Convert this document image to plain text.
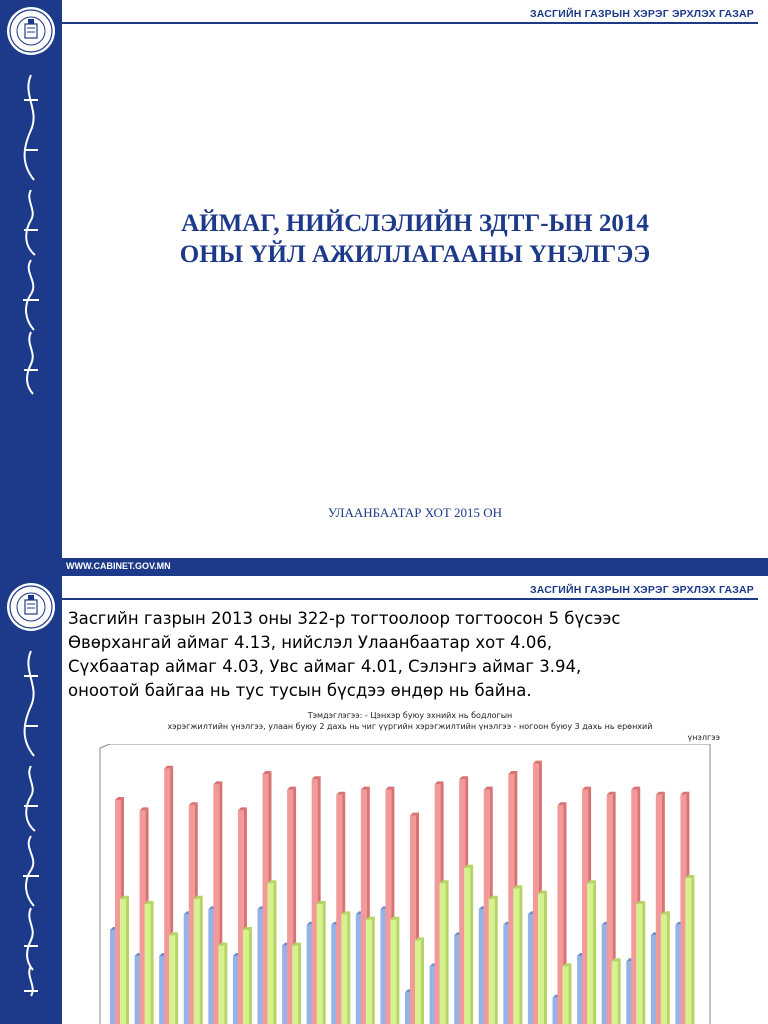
ЗАСГИЙН ГАЗРЫН ХЭРЭГ ЭРХЛЭХ ГАЗАР
АЙМАГ, НИЙСЛЭЛИЙН ЗДТГ-ЫН 2014
ОНЫ ҮЙЛ АЖИЛЛАГААНЫ ҮНЭЛГЭЭ
УЛААНБААТАР ХОТ 2015 ОН
WWW.CABINET.GOV.MN
ЗАСГИЙН ГАЗРЫН ХЭРЭГ ЭРХЛЭХ ГАЗАР
Засгийн газрын 2013 оны 322-р тогтоолоор тогтоосон 5 бүсээс
Өвөрхангай аймаг 4.13, нийслэл Улаанбаатар хот 4.06,
Сүхбаатар аймаг 4.03, Увс аймаг 4.01, Сэлэнгэ аймаг 3.94,
оноотой байгаа нь тус тусын бүсдээ өндөр нь байна.
Тэмдэглэгээ: - Цэнхэр буюу эхнийх нь бодлогын
хэрэгжилтийн үнэлгээ, улаан буюу 2 дахь нь чиг үүргийн хэрэгжилтийн үнэлгээ - ногоон буюу 3 дахь нь ерөнхий
үнэлгээ
